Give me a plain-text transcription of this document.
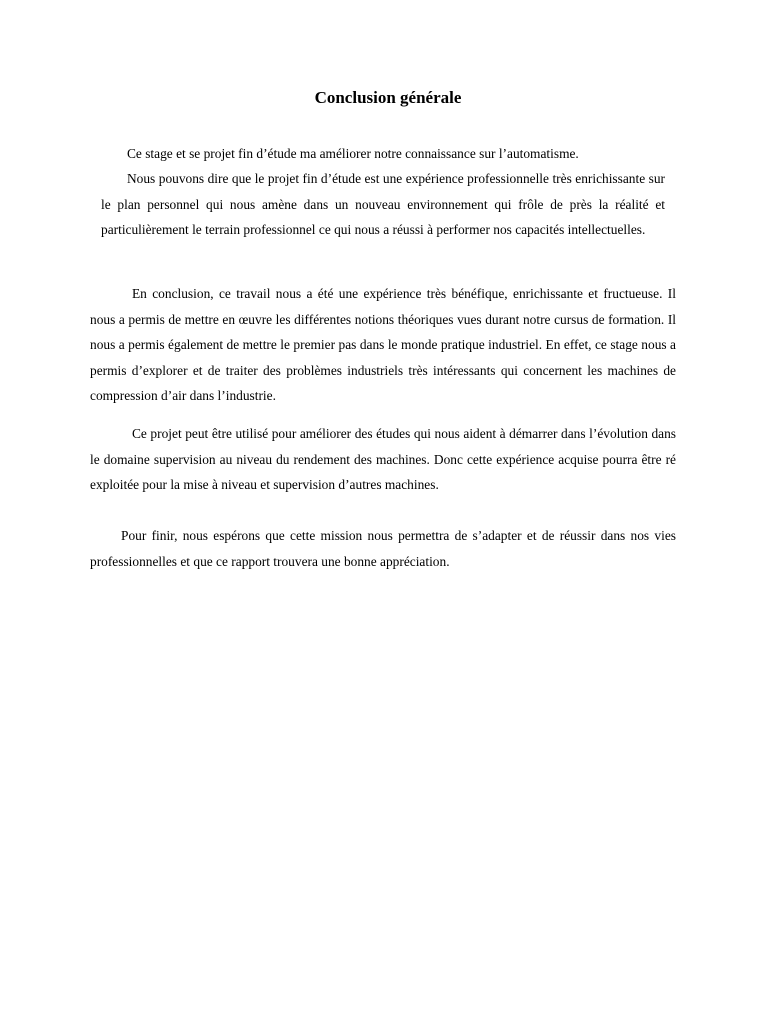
Conclusion générale

Ce stage et se projet fin d’étude ma améliorer notre connaissance sur l’automatisme.

Nous pouvons dire que le projet fin d’étude est une expérience professionnelle très enrichissante sur le plan personnel qui nous amène dans un nouveau environnement qui frôle de près la réalité et particulièrement le terrain professionnel ce qui nous a réussi à performer nos capacités intellectuelles.

En conclusion, ce travail nous a été une expérience très bénéfique, enrichissante et fructueuse. Il nous a permis de mettre en œuvre les différentes notions théoriques vues durant notre cursus de formation. Il nous a permis également de mettre le premier pas dans le monde pratique industriel. En effet, ce stage nous a permis d’explorer et de traiter des problèmes industriels très intéressants qui concernent les machines de compression d’air dans l’industrie.

Ce projet peut être utilisé pour améliorer des études qui nous aident à démarrer dans l’évolution dans le domaine supervision au niveau du rendement des machines. Donc cette expérience acquise pourra être ré exploitée pour la mise à niveau et supervision d’autres machines.

Pour finir, nous espérons que cette mission nous permettra de s’adapter et de réussir dans nos vies professionnelles et que ce rapport trouvera une bonne appréciation.
